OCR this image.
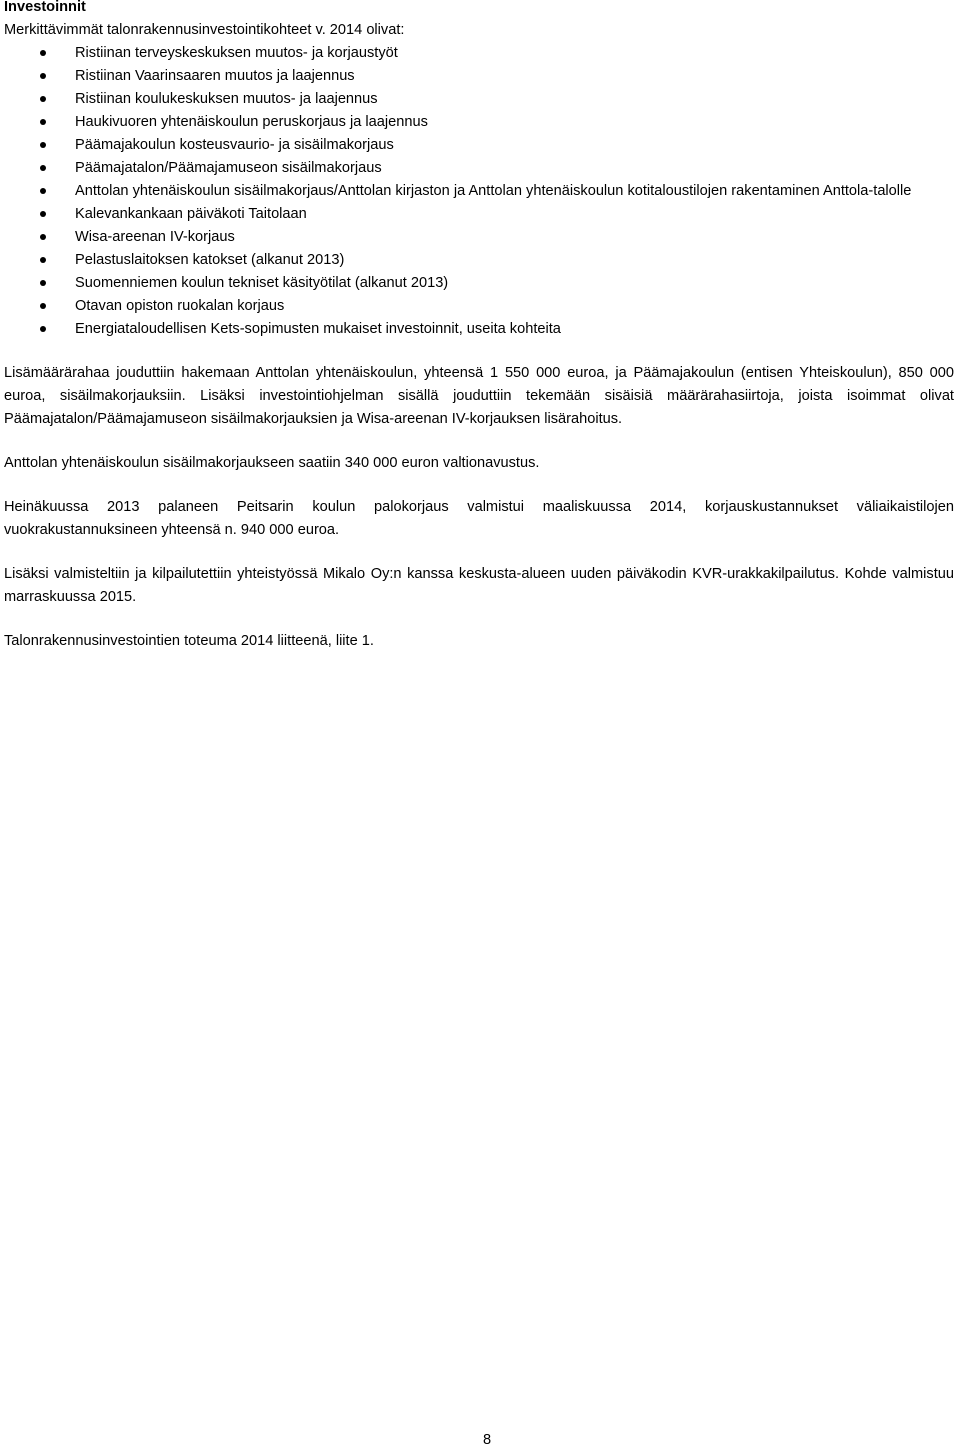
Investoinnit
Merkittävimmät talonrakennusinvestointikohteet v. 2014 olivat:
Ristiinan terveyskeskuksen muutos- ja korjaustyöt
Ristiinan Vaarinsaaren muutos ja laajennus
Ristiinan koulukeskuksen muutos- ja laajennus
Haukivuoren yhtenäiskoulun peruskorjaus ja laajennus
Päämajakoulun kosteusvaurio- ja sisäilmakorjaus
Päämajatalon/Päämajamuseon sisäilmakorjaus
Anttolan yhtenäiskoulun sisäilmakorjaus/Anttolan kirjaston ja Anttolan yhtenäiskoulun kotitaloustilojen rakentaminen Anttola-talolle
Kalevankankaan päiväkoti Taitolaan
Wisa-areenan IV-korjaus
Pelastuslaitoksen katokset (alkanut 2013)
Suomenniemen koulun tekniset käsityötilat (alkanut 2013)
Otavan opiston ruokalan korjaus
Energiataloudellisen Kets-sopimusten mukaiset investoinnit, useita kohteita

Lisämäärärahaa jouduttiin hakemaan Anttolan yhtenäiskoulun, yhteensä 1 550 000 euroa, ja Päämajakoulun (entisen Yhteiskoulun), 850 000 euroa, sisäilmakorjauksiin. Lisäksi investointiohjelman sisällä jouduttiin tekemään sisäisiä määrärahasiirtoja, joista isoimmat olivat Päämajatalon/Päämajamuseon sisäilmakorjauksien ja Wisa-areenan IV-korjauksen lisärahoitus.

Anttolan yhtenäiskoulun sisäilmakorjaukseen saatiin 340 000 euron valtionavustus.

Heinäkuussa 2013 palaneen Peitsarin koulun palokorjaus valmistui maaliskuussa 2014, korjauskustannukset väliaikaistilojen vuokrakustannuksineen yhteensä n. 940 000 euroa.

Lisäksi valmisteltiin ja kilpailutettiin yhteistyössä Mikalo Oy:n kanssa keskusta-alueen uuden päiväkodin KVR-urakkakilpailutus. Kohde valmistuu marraskuussa 2015.

Talonrakennusinvestointien toteuma 2014 liitteenä, liite 1.

8
